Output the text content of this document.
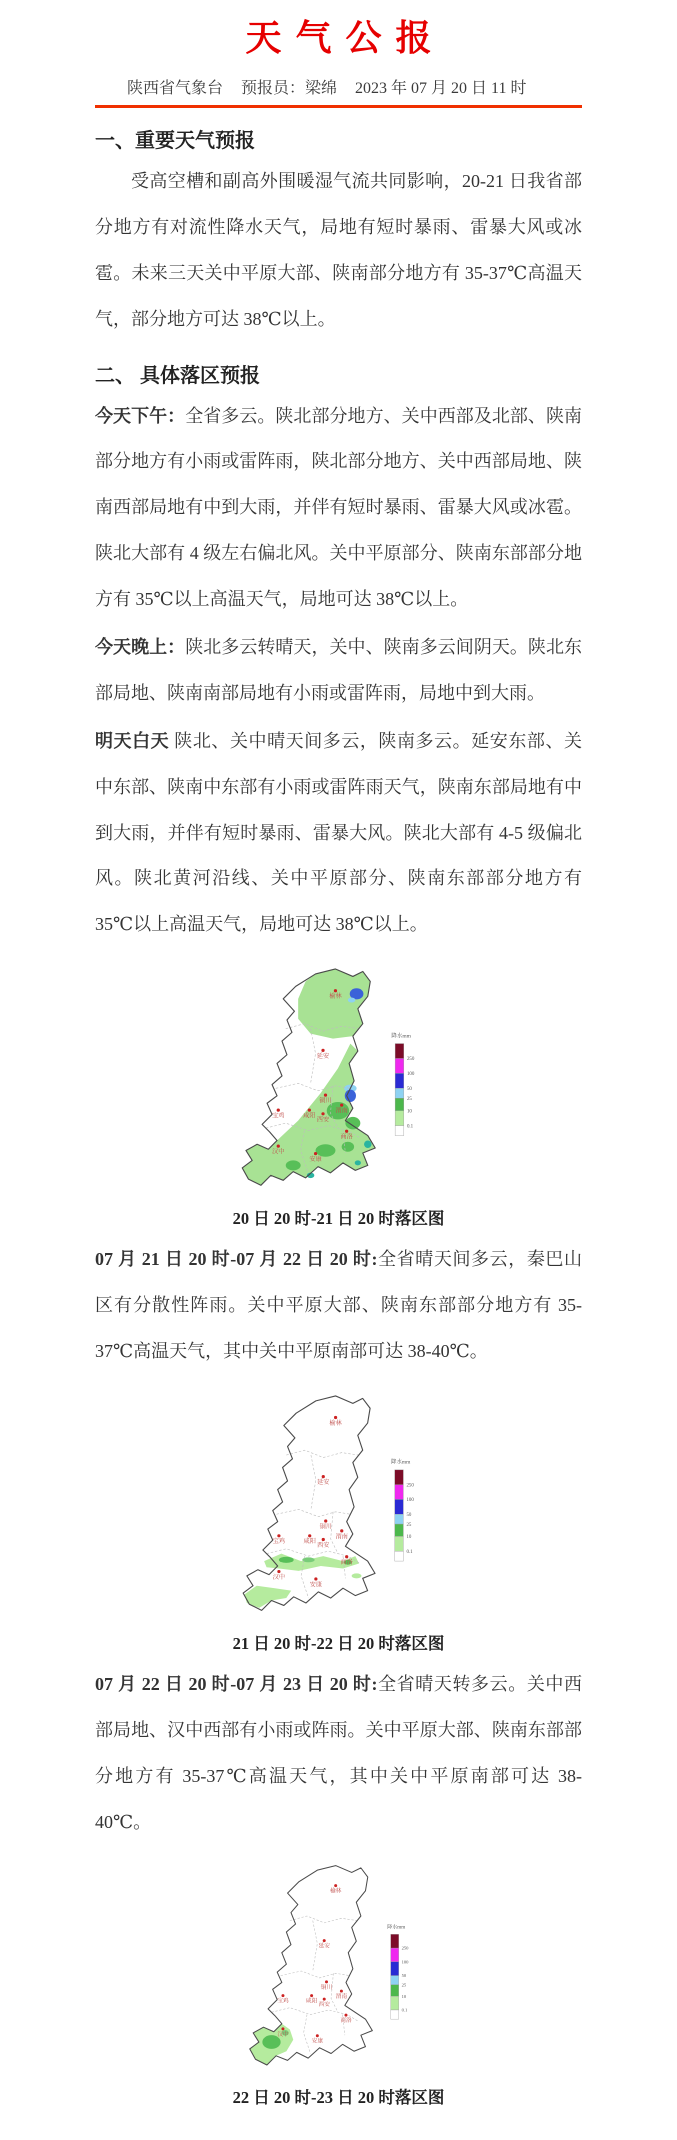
天气公报
陕西省气象台 预报员：梁绵 2023 年 07 月 20 日 11 时
一、重要天气预报

受高空槽和副高外围暖湿气流共同影响，20-21 日我省部分地方有对流性降水天气，局地有短时暴雨、雷暴大风或冰雹。未来三天关中平原大部、陕南部分地方有 35-37℃高温天气，部分地方可达 38℃以上。

二、 具体落区预报

今天下午：全省多云。陕北部分地方、关中西部及北部、陕南部分地方有小雨或雷阵雨，陕北部分地方、关中西部局地、陕南西部局地有中到大雨，并伴有短时暴雨、雷暴大风或冰雹。陕北大部有 4 级左右偏北风。关中平原部分、陕南东部部分地方有 35℃以上高温天气，局地可达 38℃以上。

今天晚上：陕北多云转晴天，关中、陕南多云间阴天。陕北东部局地、陕南南部局地有小雨或雷阵雨，局地中到大雨。

明天白天 陕北、关中晴天间多云，陕南多云。延安东部、关中东部、陕南中东部有小雨或雷阵雨天气，陕南东部局地有中到大雨，并伴有短时暴雨、雷暴大风。陕北大部有 4-5 级偏北风。陕北黄河沿线、关中平原部分、陕南东部部分地方有 35℃以上高温天气，局地可达 38℃以上。

榆林
延安
铜川
宝鸡	咸阳
西安
渭南
商洛
汉中
安康
降水mm
250
100
50
25
10
0.1
20 日 20 时-21 日 20 时落区图

07 月 21 日 20 时-07 月 22 日 20 时:全省晴天间多云，秦巴山区有分散性阵雨。关中平原大部、陕南东部部分地方有 35-37℃高温天气，其中关中平原南部可达 38-40℃。

榆林
延安
铜川
宝鸡	咸阳
西安
渭南
商洛
汉中
安康
降水mm
250
100
50
25
10
0.1
21 日 20 时-22 日 20 时落区图

07 月 22 日 20 时-07 月 23 日 20 时:全省晴天转多云。关中西部局地、汉中西部有小雨或阵雨。关中平原大部、陕南东部部分地方有 35-37℃高温天气，其中关中平原南部可达 38-40℃。

榆林
延安
铜川
宝鸡	咸阳
西安
渭南
商洛
汉中
安康
降水mm
250
100
50
25
10
0.1
22 日 20 时-23 日 20 时落区图
